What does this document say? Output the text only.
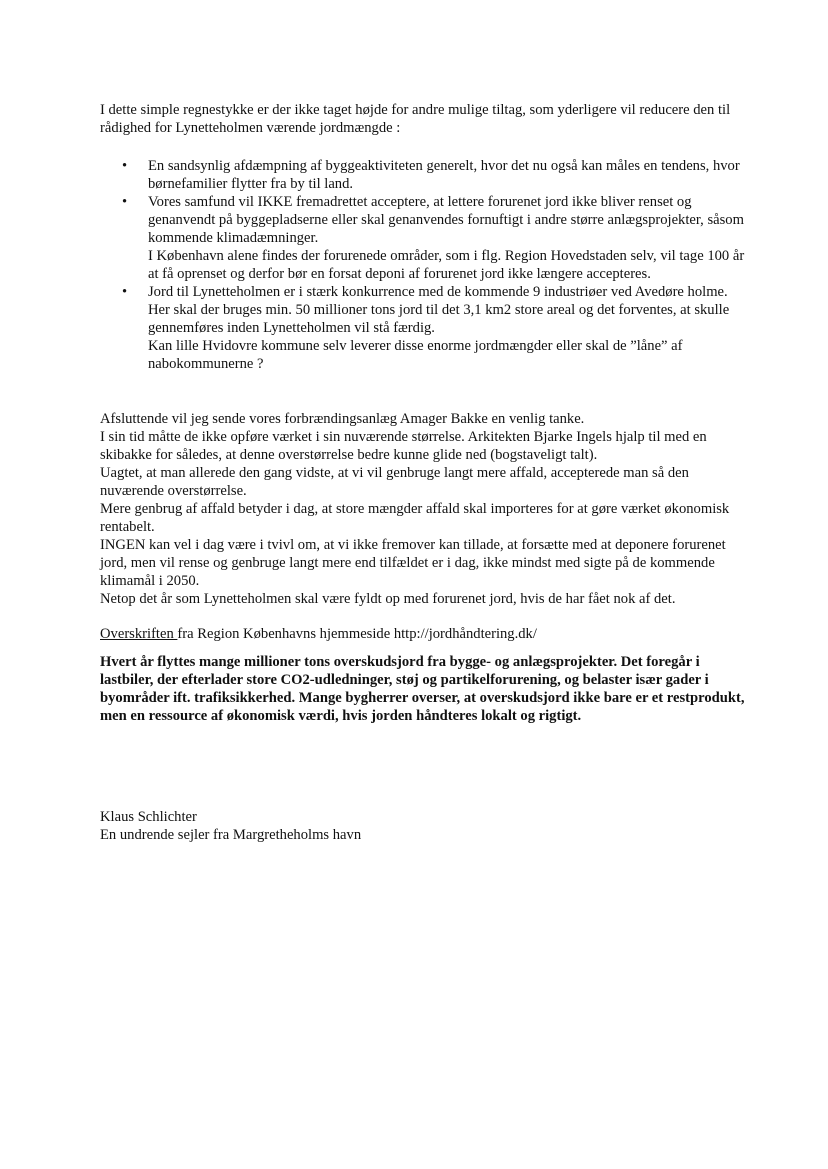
I dette simple regnestykke er der ikke taget højde for andre mulige tiltag, som yderligere vil reducere den til rådighed for Lynetteholmen værende jordmængde :

• En sandsynlig afdæmpning af byggeaktiviteten generelt, hvor det nu også kan måles en tendens, hvor børnefamilier flytter fra by til land.
• Vores samfund vil IKKE fremadrettet acceptere, at lettere forurenet jord ikke bliver renset og genanvendt på byggepladserne eller skal genanvendes fornuftigt i andre større anlægsprojekter, såsom kommende klimadæmninger.
I København alene findes der forurenede områder, som i flg. Region Hovedstaden selv, vil tage 100 år at få oprenset og derfor bør en forsat deponi af forurenet jord ikke længere accepteres.
• Jord til Lynetteholmen er i stærk konkurrence med de kommende 9 industriøer ved Avedøre holme. Her skal der bruges min. 50 millioner tons jord til det 3,1 km2 store areal og det forventes, at skulle gennemføres inden Lynetteholmen vil stå færdig.
Kan lille Hvidovre kommune selv leverer disse enorme jordmængder eller skal de ”låne” af nabokommunerne ?

Afsluttende vil jeg sende vores forbrændingsanlæg Amager Bakke en venlig tanke.

I sin tid måtte de ikke opføre værket i sin nuværende størrelse. Arkitekten Bjarke Ingels hjalp til med en skibakke for således, at denne overstørrelse bedre kunne glide ned (bogstaveligt talt).

Uagtet, at man allerede den gang vidste, at vi vil genbruge langt mere affald, accepterede man så den nuværende overstørrelse.

Mere genbrug af affald betyder i dag, at store mængder affald skal importeres for at gøre værket økonomisk rentabelt.

INGEN kan vel i dag være i tvivl om, at vi ikke fremover kan tillade, at forsætte med at deponere forurenet jord, men vil rense og genbruge langt mere end tilfældet er i dag, ikke mindst med sigte på de kommende klimamål i 2050.

Netop det år som Lynetteholmen skal være fyldt op med forurenet jord, hvis de har fået nok af det.

Overskriften fra Region Københavns hjemmeside http://jordhåndtering.dk/

Hvert år flyttes mange millioner tons overskudsjord fra bygge- og anlægsprojekter. Det foregår i lastbiler, der efterlader store CO2-udledninger, støj og partikelforurening, og belaster især gader i byområder ift. trafiksikkerhed. Mange bygherrer overser, at overskudsjord ikke bare er et restprodukt, men en ressource af økonomisk værdi, hvis jorden håndteres lokalt og rigtigt.

Klaus Schlichter

En undrende sejler fra Margretheholms havn
